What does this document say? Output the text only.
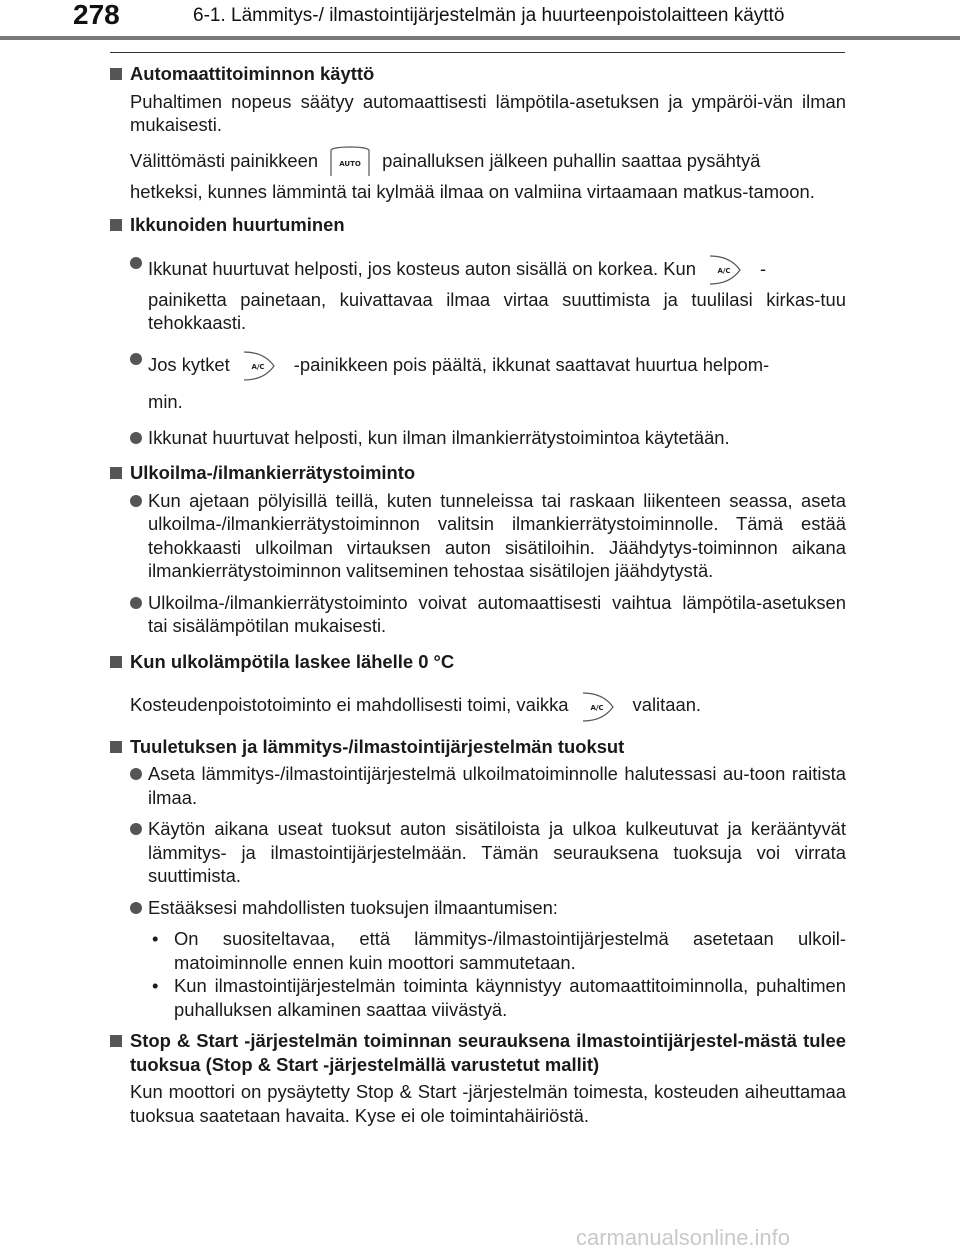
278	6-1. Lämmitys-/ ilmastointijärjestelmän ja huurteenpoistolaitteen käyttö
Automaattitoiminnon käyttö

Puhaltimen nopeus säätyy automaattisesti lämpötila-asetuksen ja ympäröi-vän ilman mukaisesti.

Välittömästi painikkeen	AUTO painalluksen jälkeen puhallin saattaa pysähtyä

hetkeksi, kunnes lämmintä tai kylmää ilmaa on valmiina virtaamaan matkus-tamoon.

Ikkunoiden huurtuminen
Ikkunat huurtuvat helposti, jos kosteus auton sisällä on korkea. Kun	A/C -
painiketta painetaan, kuivattavaa ilmaa virtaa suuttimista ja tuulilasi kirkas-tuu tehokkaasti.
Jos kytket	A/C -painikkeen pois päältä, ikkunat saattavat huurtua helpom-
min.
Ikkunat huurtuvat helposti, kun ilman ilmankierrätystoimintoa käytetään.
Ulkoilma-/ilmankierrätystoiminto
Kun ajetaan pölyisillä teillä, kuten tunneleissa tai raskaan liikenteen seassa, aseta ulkoilma-/ilmankierrätystoiminnon valitsin ilmankierrätystoiminnolle. Tämä estää tehokkaasti ulkoilman virtauksen auton sisätiloihin. Jäähdytys-toiminnon aikana ilmankierrätystoiminnon valitseminen tehostaa sisätilojen jäähdytystä.
Ulkoilma-/ilmankierrätystoiminto voivat automaattisesti vaihtua lämpötila-asetuksen tai sisälämpötilan mukaisesti.
Kun ulkolämpötila laskee lähelle 0 °C

Kosteudenpoistotoiminto ei mahdollisesti toimi, vaikka	A/C valitaan.

Tuuletuksen ja lämmitys-/ilmastointijärjestelmän tuoksut
Aseta lämmitys-/ilmastointijärjestelmä ulkoilmatoiminnolle halutessasi au-toon raitista ilmaa.
Käytön aikana useat tuoksut auton sisätiloista ja ulkoa kulkeutuvat ja kerääntyvät lämmitys- ja ilmastointijärjestelmään. Tämän seurauksena tuoksuja voi virrata suuttimista.
Estääksesi mahdollisten tuoksujen ilmaantumisen:
• On suositeltavaa, että lämmitys-/ilmastointijärjestelmä asetetaan ulkoil-matoiminnolle ennen kuin moottori sammutetaan.
• Kun ilmastointijärjestelmän toiminta käynnistyy automaattitoiminnolla, puhaltimen puhalluksen alkaminen saattaa viivästyä.
Stop & Start -järjestelmän toiminnan seurauksena ilmastointijärjestel-mästä tulee tuoksua (Stop & Start -järjestelmällä varustetut mallit)

Kun moottori on pysäytetty Stop & Start -järjestelmän toimesta, kosteuden aiheuttamaa tuoksua saatetaan havaita. Kyse ei ole toimintahäiriöstä.

carmanualsonline.info
